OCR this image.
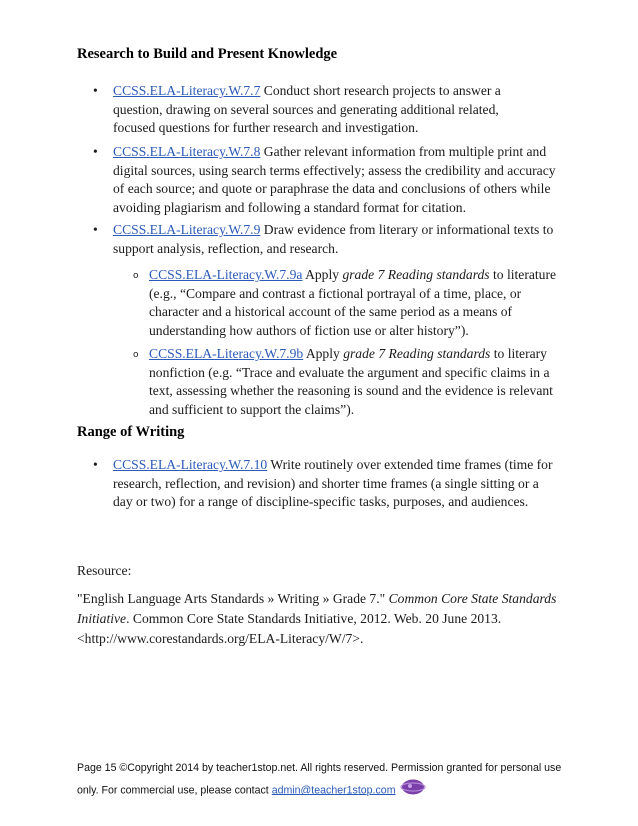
Research to Build and Present Knowledge
• CCSS.ELA-Literacy.W.7.7 Conduct short research projects to answer a question, drawing on several sources and generating additional related, focused questions for further research and investigation.
• CCSS.ELA-Literacy.W.7.8 Gather relevant information from multiple print and digital sources, using search terms effectively; assess the credibility and accuracy of each source; and quote or paraphrase the data and conclusions of others while avoiding plagiarism and following a standard format for citation.
• CCSS.ELA-Literacy.W.7.9 Draw evidence from literary or informational texts to support analysis, reflection, and research.
o CCSS.ELA-Literacy.W.7.9a Apply grade 7 Reading standards to literature (e.g., “Compare and contrast a fictional portrayal of a time, place, or character and a historical account of the same period as a means of understanding how authors of fiction use or alter history”).
o CCSS.ELA-Literacy.W.7.9b Apply grade 7 Reading standards to literary nonfiction (e.g. “Trace and evaluate the argument and specific claims in a text, assessing whether the reasoning is sound and the evidence is relevant and sufficient to support the claims”).
Range of Writing
• CCSS.ELA-Literacy.W.7.10 Write routinely over extended time frames (time for research, reflection, and revision) and shorter time frames (a single sitting or a day or two) for a range of discipline-specific tasks, purposes, and audiences.
Resource:
"English Language Arts Standards » Writing » Grade 7." Common Core State Standards Initiative. Common Core State Standards Initiative, 2012. Web. 20 June 2013. <http://www.corestandards.org/ELA-Literacy/W/7>.
Page 15 ©Copyright 2014 by teacher1stop.net. All rights reserved. Permission granted for personal use only. For commercial use, please contact admin@teacher1stop.com
